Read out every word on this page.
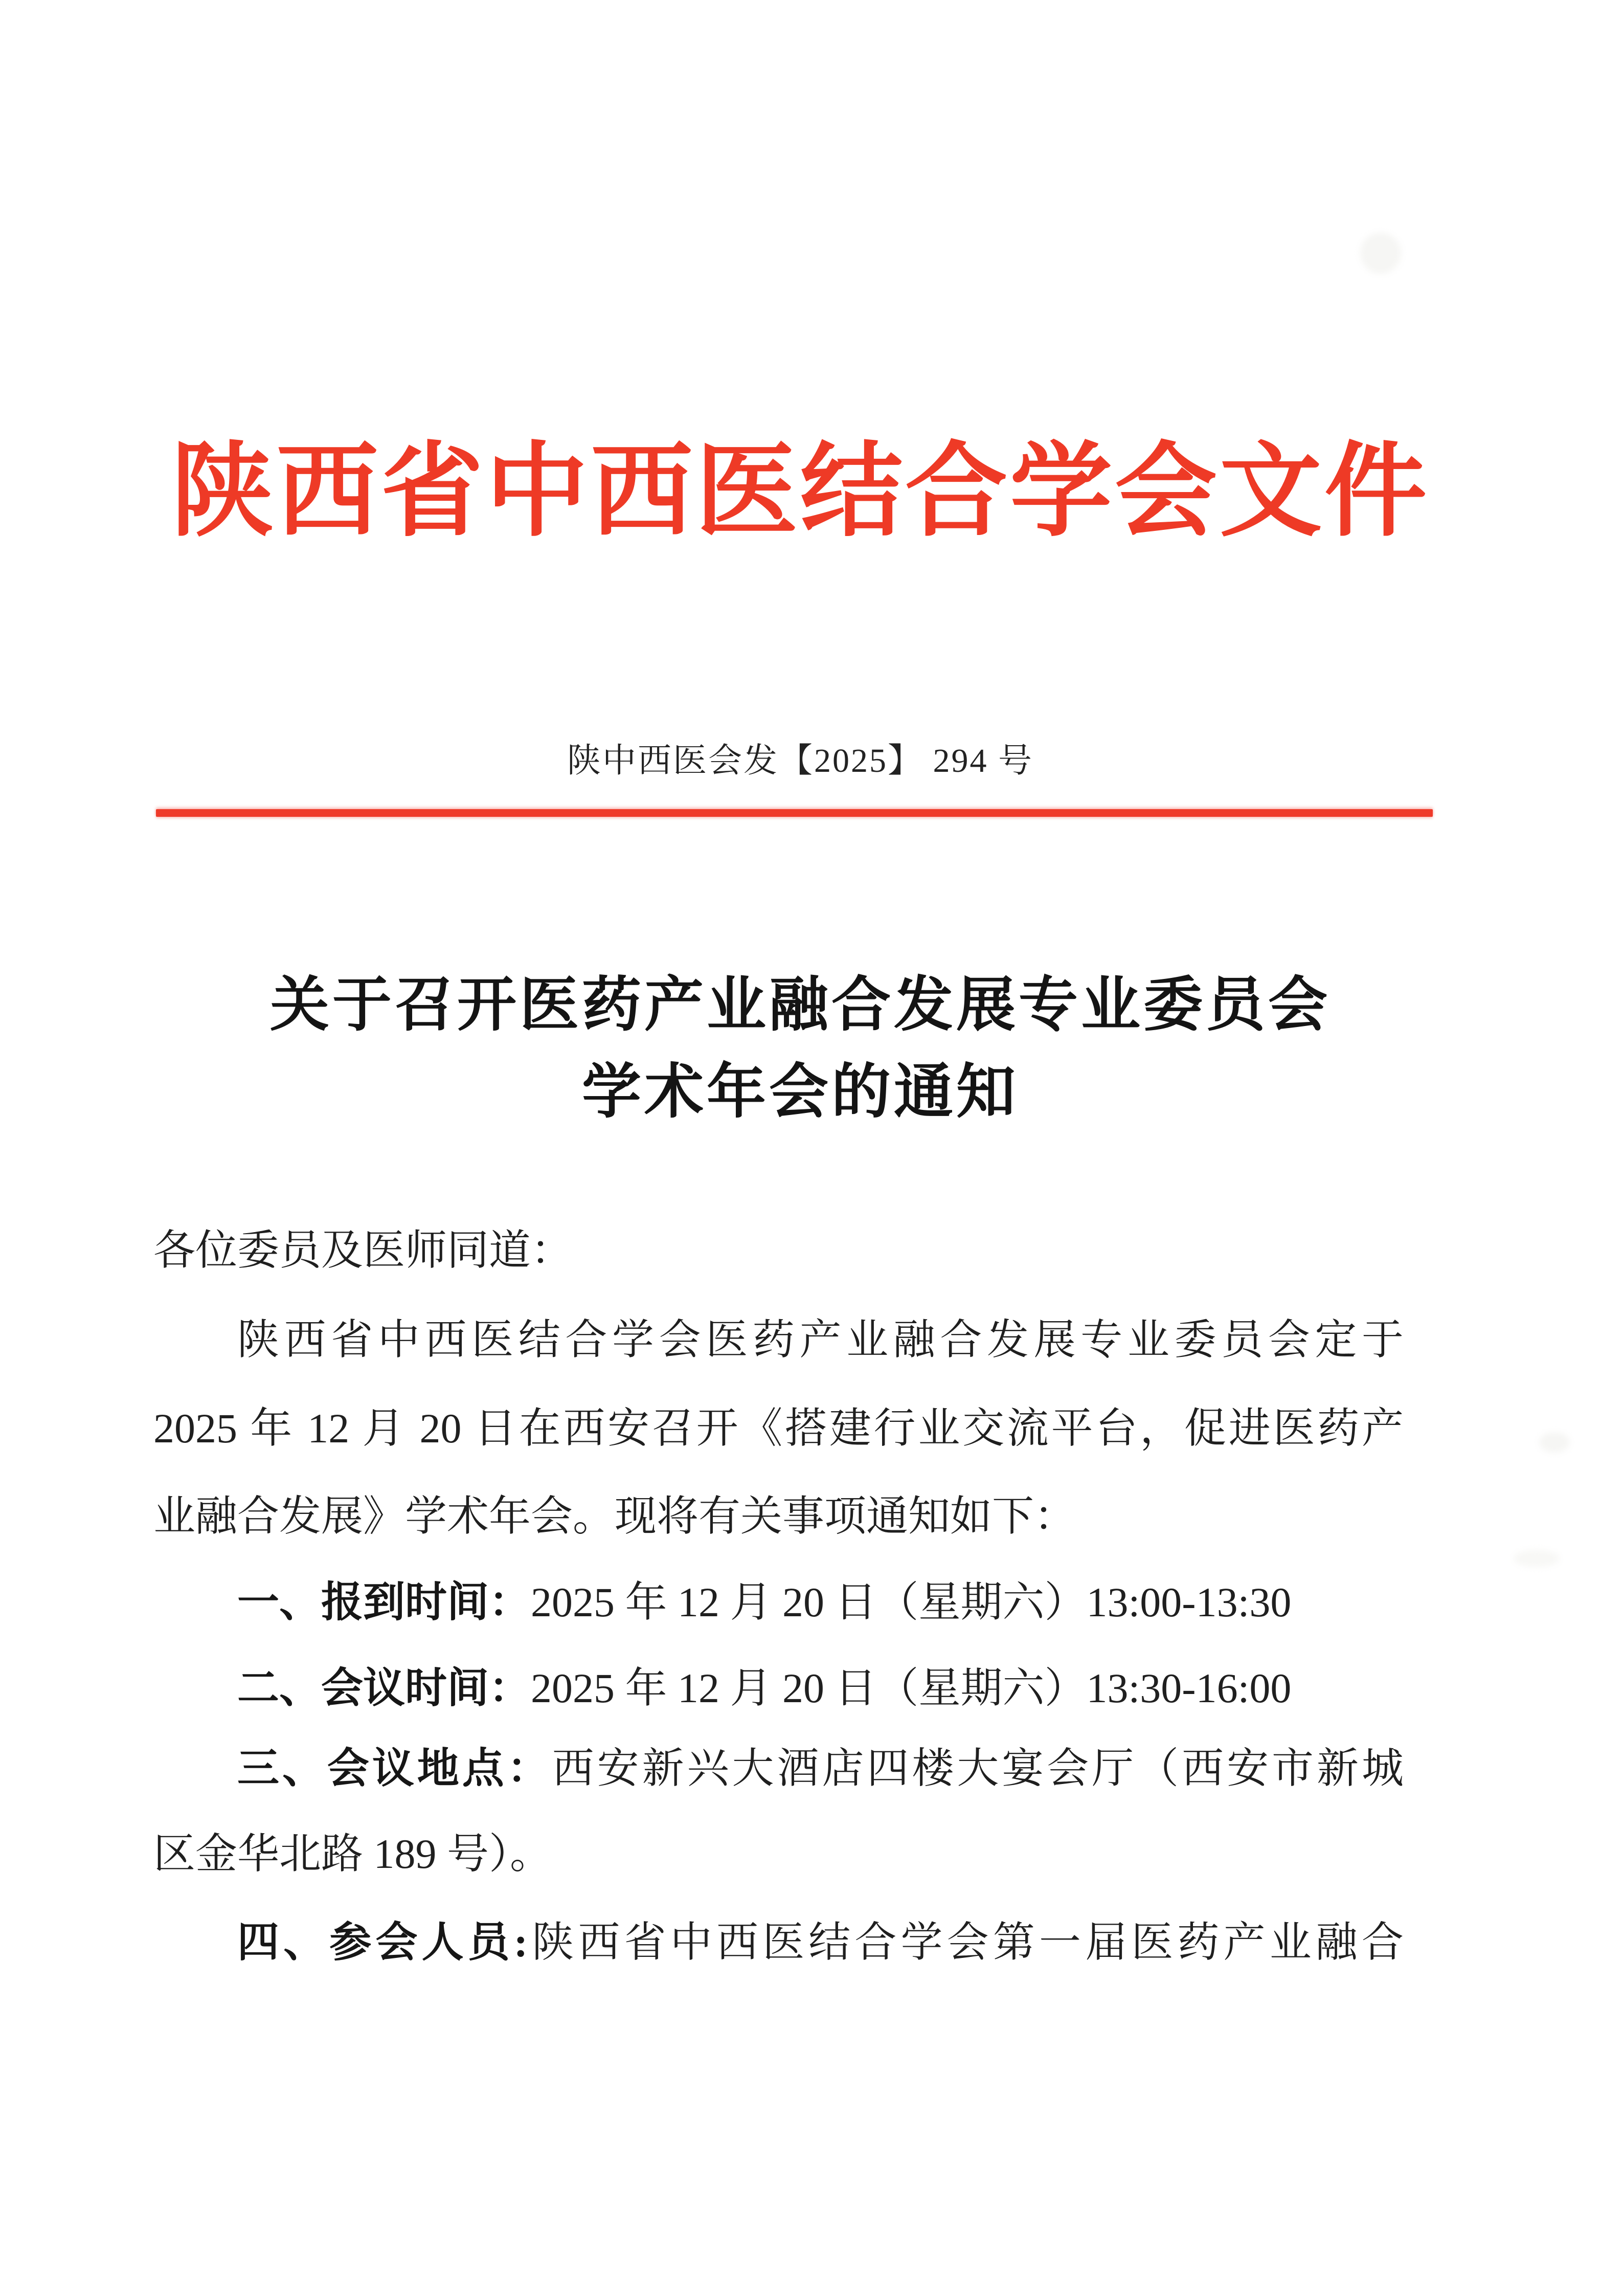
陕西省中西医结合学会文件
陕中西医会发【2025】 294 号
关于召开医药产业融合发展专业委员会
学术年会的通知
各位委员及医师同道：
陕西省中西医结合学会医药产业融合发展专业委员会定于
2025 年 12 月 20 日在西安召开《搭建行业交流平台，促进医药产
业融合发展》学术年会。现将有关事项通知如下：
一、报到时间：2025 年 12 月 20 日（星期六）13:00-13:30
二、会议时间：2025 年 12 月 20 日（星期六）13:30-16:00
三、会议地点：西安新兴大酒店四楼大宴会厅（西安市新城
区金华北路 189 号）。
四、参会人员:陕西省中西医结合学会第一届医药产业融合
